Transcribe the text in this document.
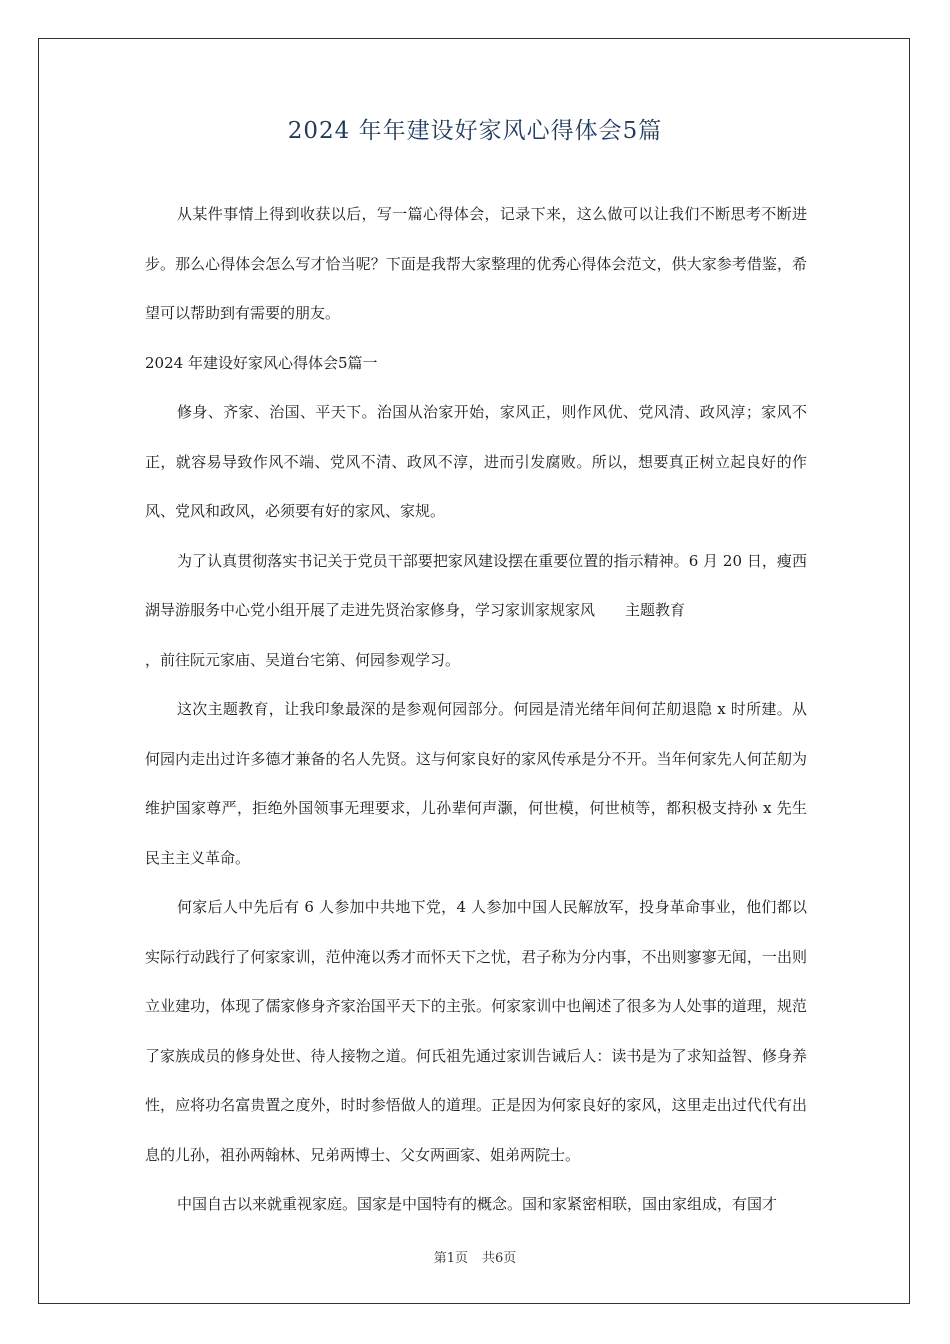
2024 年年建设好家风心得体会5篇

从某件事情上得到收获以后，写一篇心得体会，记录下来，这么做可以让我们不断思考不断进步。那么心得体会怎么写才恰当呢？下面是我帮大家整理的优秀心得体会范文，供大家参考借鉴，希望可以帮助到有需要的朋友。

2024 年建设好家风心得体会5篇一

修身、齐家、治国、平天下。治国从治家开始，家风正，则作风优、党风清、政风淳；家风不正，就容易导致作风不端、党风不清、政风不淳，进而引发腐败。所以，想要真正树立起良好的作风、党风和政风，必须要有好的家风、家规。

为了认真贯彻落实书记关于党员干部要把家风建设摆在重要位置的指示精神。6 月 20 日，瘦西湖导游服务中心党小组开展了走进先贤治家修身，学习家训家规家风　　主题教育

，前往阮元家庙、吴道台宅第、何园参观学习。

这次主题教育，让我印象最深的是参观何园部分。何园是清光绪年间何芷舠退隐 x 时所建。从何园内走出过许多德才兼备的名人先贤。这与何家良好的家风传承是分不开。当年何家先人何芷舠为维护国家尊严，拒绝外国领事无理要求，儿孙辈何声灏，何世模，何世桢等，都积极支持孙 x 先生民主主义革命。

何家后人中先后有 6 人参加中共地下党，4 人参加中国人民解放军，投身革命事业，他们都以实际行动践行了何家家训，范仲淹以秀才而怀天下之忧，君子称为分内事，不出则寥寥无闻，一出则立业建功，体现了儒家修身齐家治国平天下的主张。何家家训中也阐述了很多为人处事的道理，规范了家族成员的修身处世、待人接物之道。何氏祖先通过家训告诫后人：读书是为了求知益智、修身养性，应将功名富贵置之度外，时时参悟做人的道理。正是因为何家良好的家风，这里走出过代代有出息的儿孙，祖孙两翰林、兄弟两博士、父女两画家、姐弟两院士。

中国自古以来就重视家庭。国家是中国特有的概念。国和家紧密相联，国由家组成，有国才

第1页 共6页
